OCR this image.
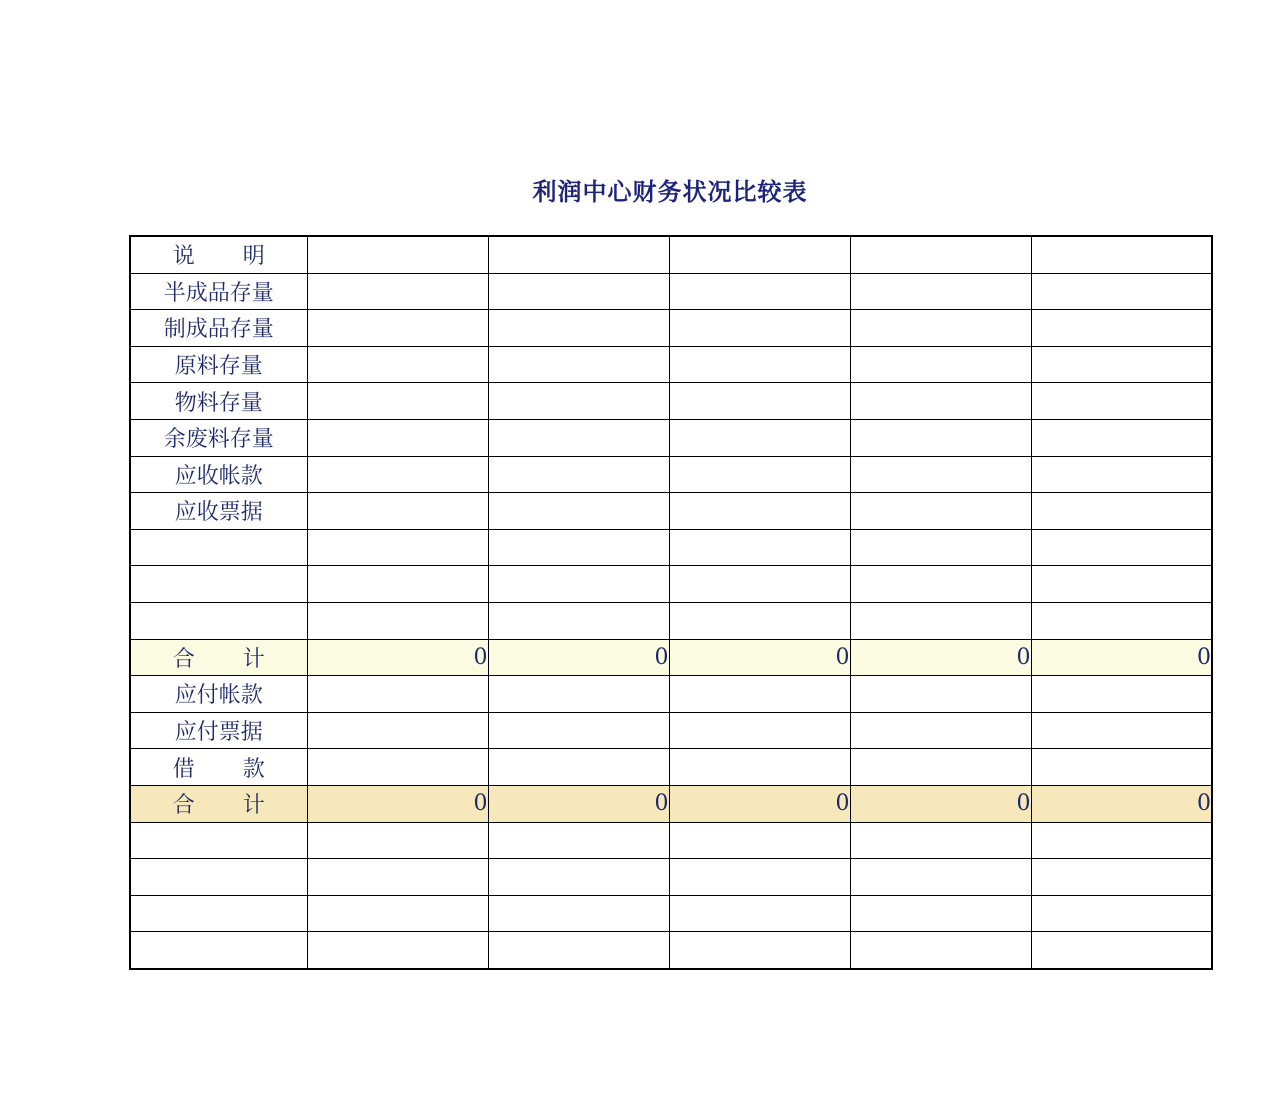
利润中心财务状况比较表
说　明					
半成品存量					
制成品存量					
原料存量					
物料存量					
余废料存量					
应收帐款					
应收票据					

合　计	0	0	0	0	0
应付帐款					
应付票据					
借　款					
合　计	0	0	0	0	0
